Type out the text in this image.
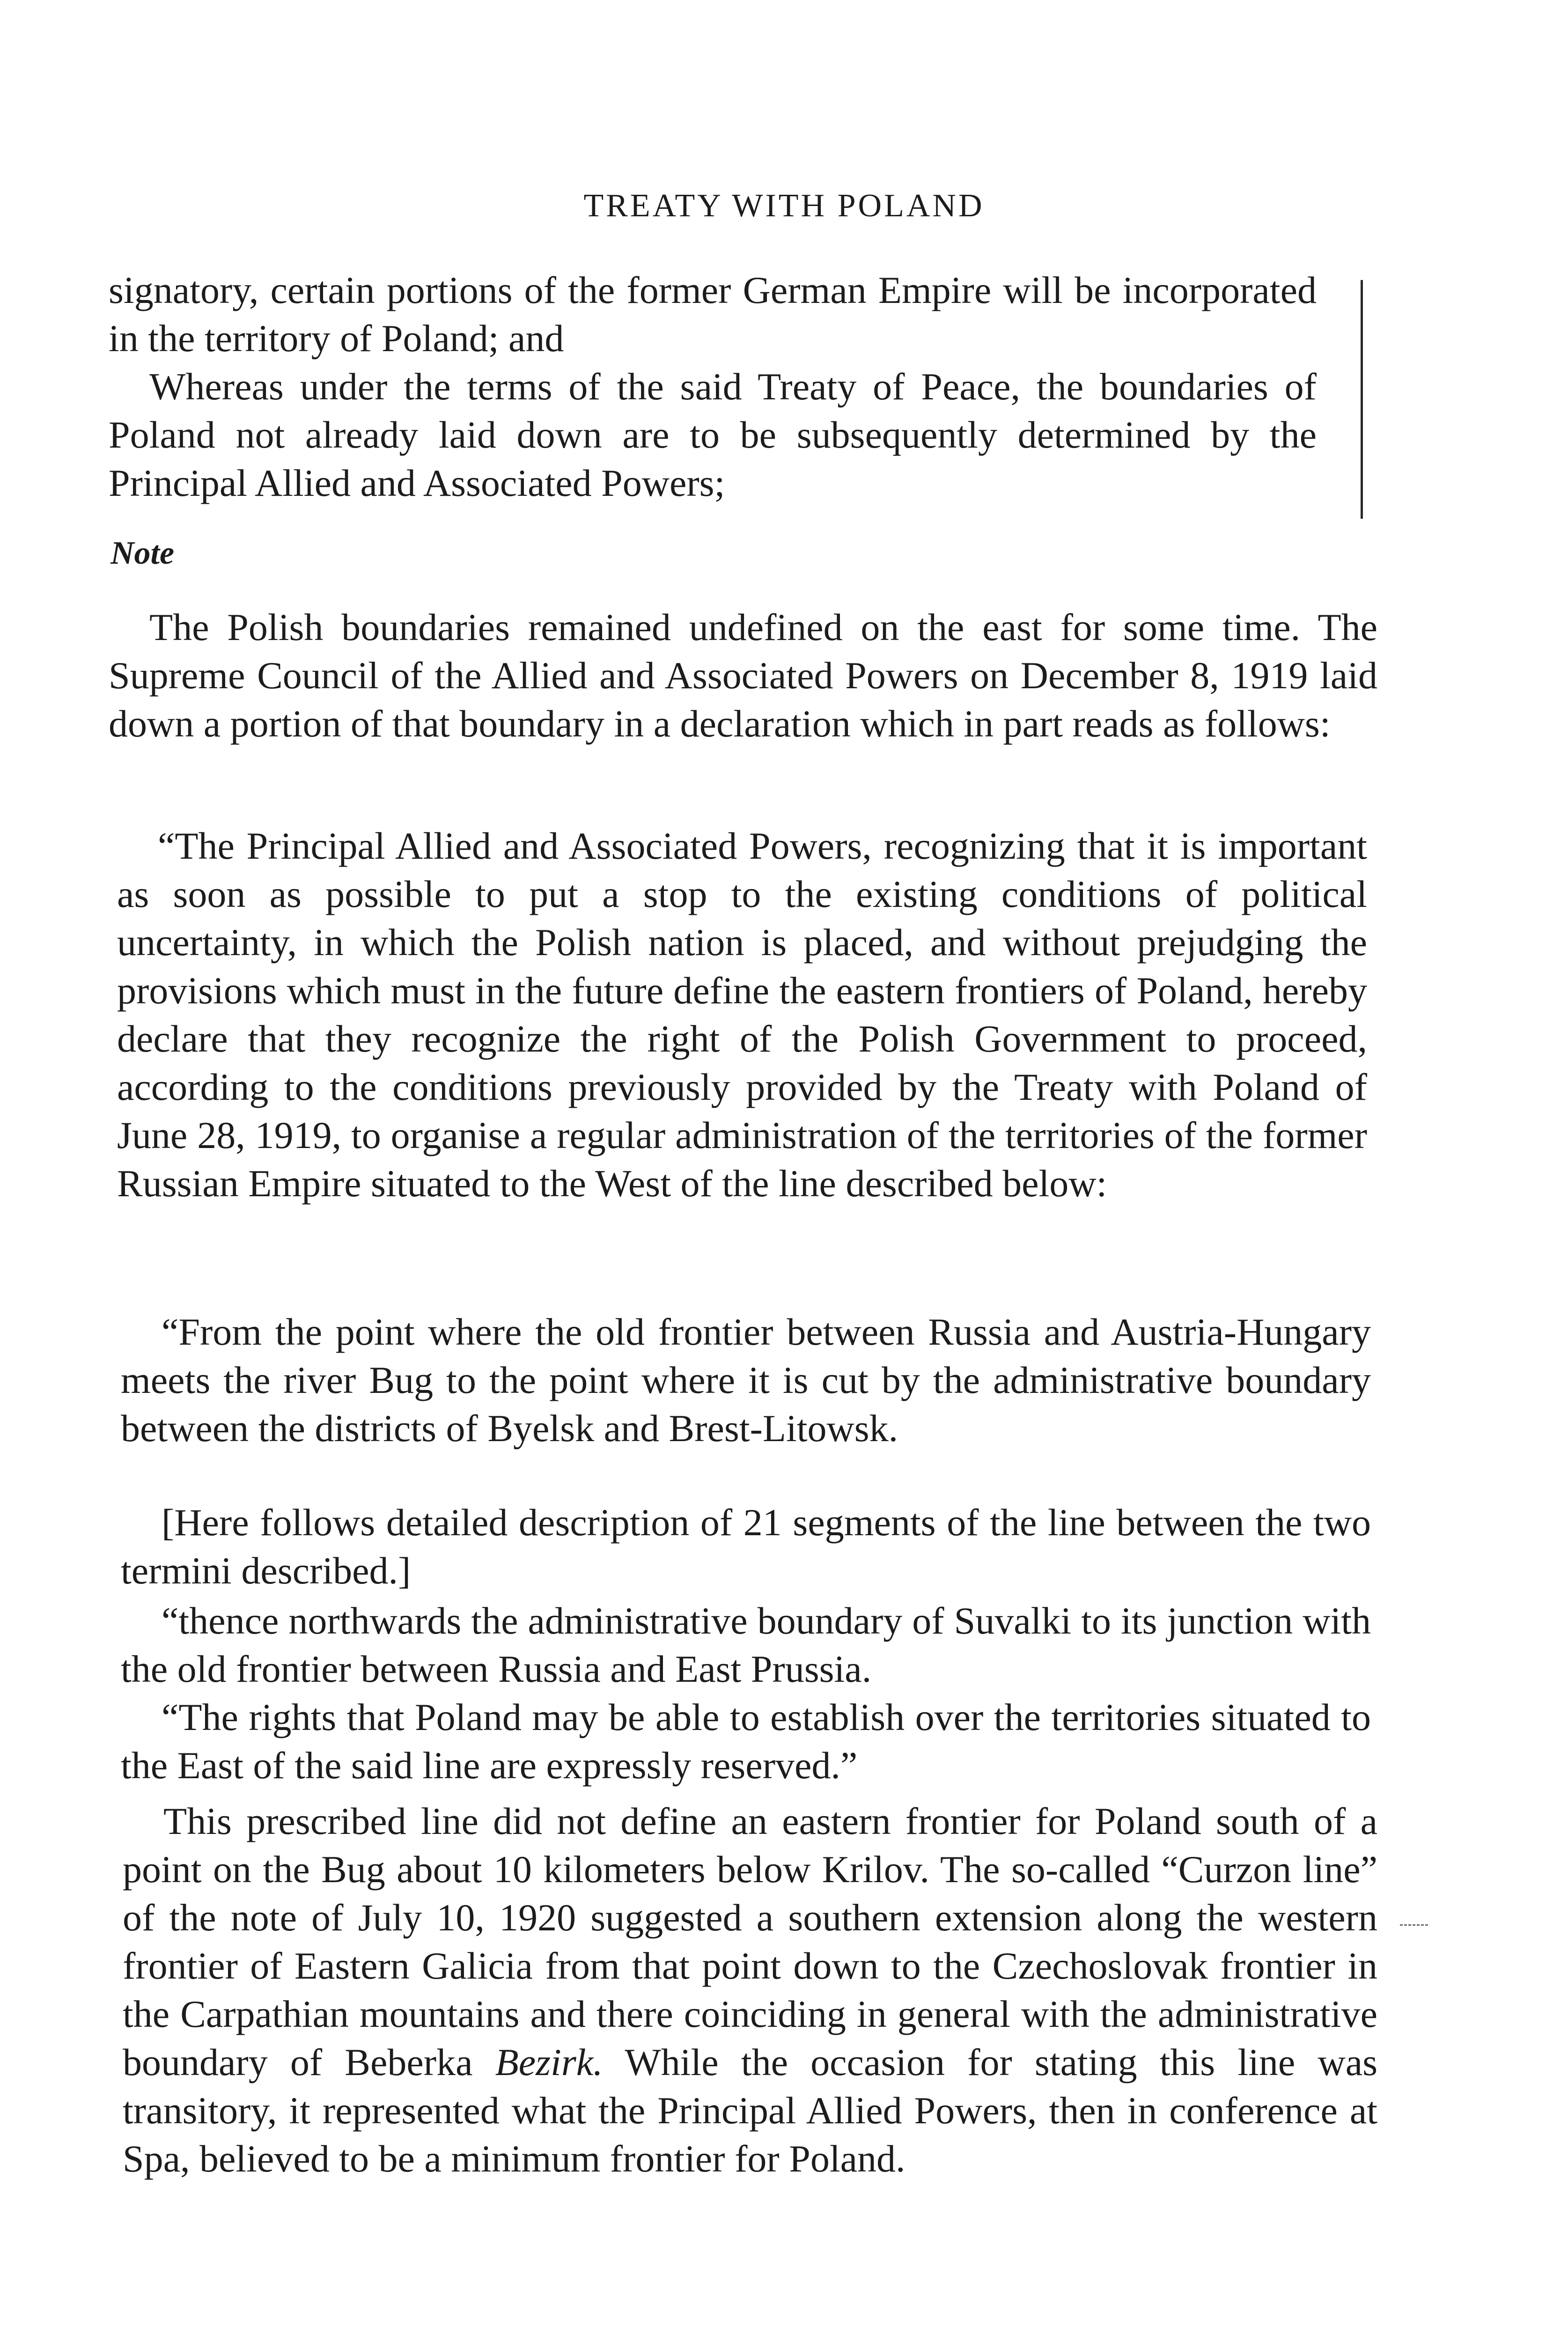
TREATY WITH POLAND

signatory, certain portions of the former German Empire will be incorporated in the territory of Poland; and
Whereas under the terms of the said Treaty of Peace, the boundaries of Poland not already laid down are to be subsequently determined by the Principal Allied and Associated Powers;

Note

The Polish boundaries remained undefined on the east for some time. The Supreme Council of the Allied and Associated Powers on December 8, 1919 laid down a portion of that boundary in a declaration which in part reads as follows:

“The Principal Allied and Associated Powers, recognizing that it is important as soon as possible to put a stop to the existing conditions of political uncertainty, in which the Polish nation is placed, and without prejudging the provisions which must in the future define the eastern frontiers of Poland, hereby declare that they recognize the right of the Polish Government to proceed, according to the conditions previously provided by the Treaty with Poland of June 28, 1919, to organise a regular administration of the territories of the former Russian Empire situated to the West of the line described below:

“From the point where the old frontier between Russia and Austria-Hungary meets the river Bug to the point where it is cut by the administrative boundary between the districts of Byelsk and Brest-Litowsk.

[Here follows detailed description of 21 segments of the line between the two termini described.]

“thence northwards the administrative boundary of Suvalki to its junction with the old frontier between Russia and East Prussia.

“The rights that Poland may be able to establish over the territories situated to the East of the said line are expressly reserved.”

This prescribed line did not define an eastern frontier for Poland south of a point on the Bug about 10 kilometers below Krilov. The so-called “Curzon line” of the note of July 10, 1920 suggested a southern extension along the western frontier of Eastern Galicia from that point down to the Czechoslovak frontier in the Carpathian mountains and there coinciding in general with the administrative boundary of Beberka Bezirk. While the occasion for stating this line was transitory, it represented what the Principal Allied Powers, then in conference at Spa, believed to be a minimum frontier for Poland.
